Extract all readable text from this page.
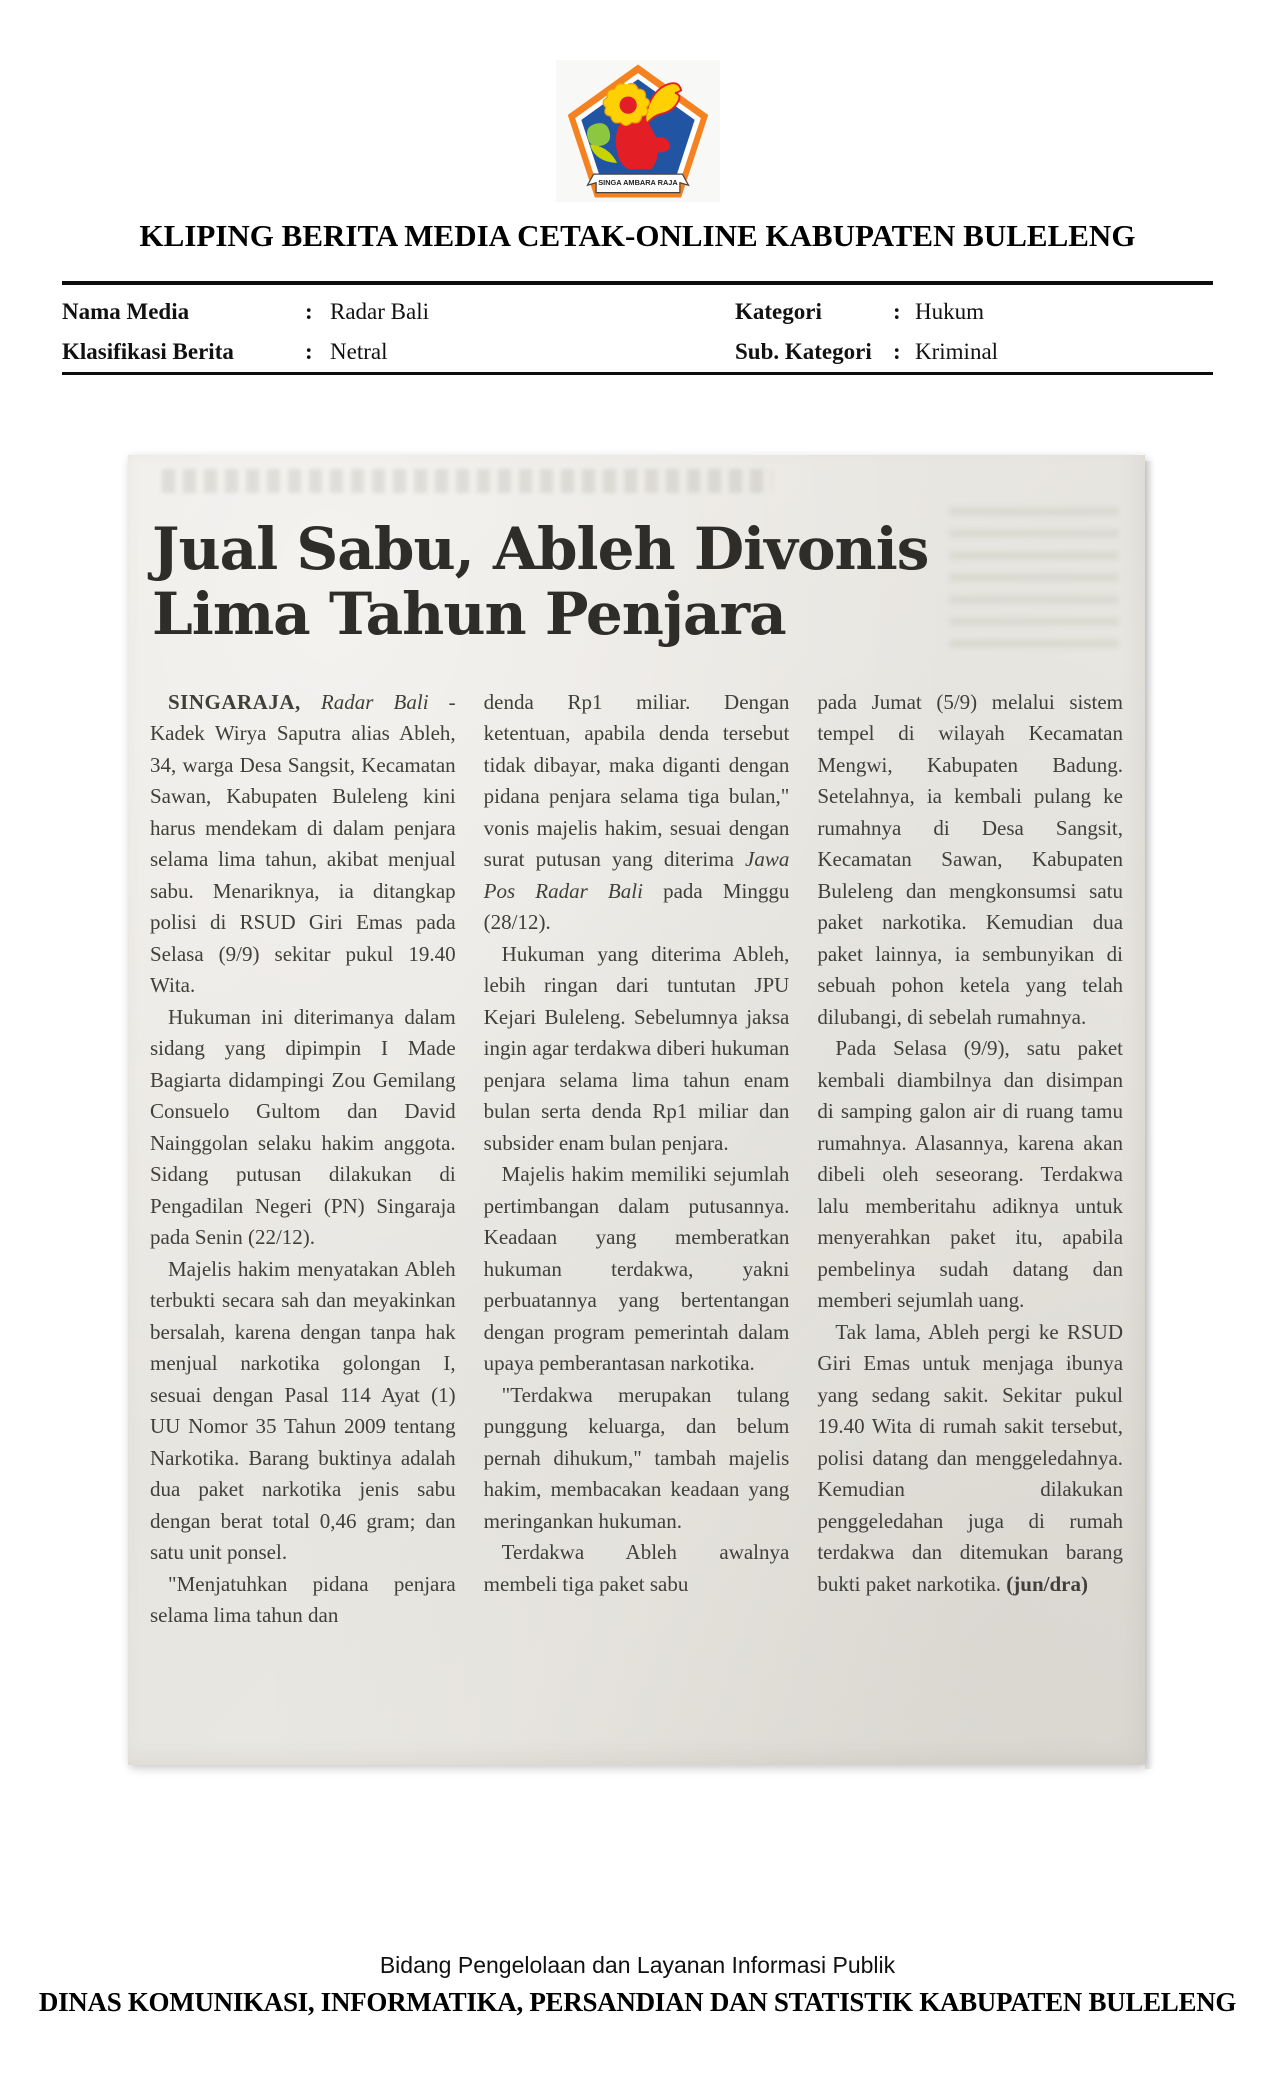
SINGA AMBARA RAJA
KLIPING BERITA MEDIA CETAK-ONLINE KABUPATEN BULELENG
Nama Media	: Radar Bali	Kategori	: Hukum
Klasifikasi Berita	: Netral	Sub. Kategori : Kriminal
Jual Sabu, Ableh Divonis
Lima Tahun Penjara

SINGARAJA, Radar Bali - Kadek Wirya Saputra alias Ableh, 34, warga Desa Sangsit, Kecamatan Sawan, Kabupaten Buleleng kini harus mendekam di dalam penjara selama lima tahun, akibat menjual sabu. Menariknya, ia ditangkap polisi di RSUD Giri Emas pada Selasa (9/9) sekitar pukul 19.40 Wita.

Hukuman ini diterimanya dalam sidang yang dipimpin I Made Bagiarta didampingi Zou Gemilang Consuelo Gultom dan David Nainggolan selaku hakim anggota. Sidang putusan dilakukan di Pengadilan Negeri (PN) Singaraja pada Senin (22/12).

Majelis hakim menyatakan Ableh terbukti secara sah dan meyakinkan bersalah, karena dengan tanpa hak menjual narkotika golongan I, sesuai dengan Pasal 114 Ayat (1) UU Nomor 35 Tahun 2009 tentang Narkotika. Barang buktinya adalah dua paket narkotika jenis sabu dengan berat total 0,46 gram; dan satu unit ponsel.

"Menjatuhkan pidana penjara selama lima tahun dan

denda Rp1 miliar. Dengan ketentuan, apabila denda tersebut tidak dibayar, maka diganti dengan pidana penjara selama tiga bulan," vonis majelis hakim, sesuai dengan surat putusan yang diterima Jawa Pos Radar Bali pada Minggu (28/12).

Hukuman yang diterima Ableh, lebih ringan dari tuntutan JPU Kejari Buleleng. Sebelumnya jaksa ingin agar terdakwa diberi hukuman penjara selama lima tahun enam bulan serta denda Rp1 miliar dan subsider enam bulan penjara.

Majelis hakim memiliki sejumlah pertimbangan dalam putusannya. Keadaan yang memberatkan hukuman terdakwa, yakni perbuatannya yang bertentangan dengan program pemerintah dalam upaya pemberantasan narkotika.

"Terdakwa merupakan tulang punggung keluarga, dan belum pernah dihukum," tambah majelis hakim, membacakan keadaan yang meringankan hukuman.

Terdakwa Ableh awalnya membeli tiga paket sabu

pada Jumat (5/9) melalui sistem tempel di wilayah Kecamatan Mengwi, Kabupaten Badung. Setelahnya, ia kembali pulang ke rumahnya di Desa Sangsit, Kecamatan Sawan, Kabupaten Buleleng dan mengkonsumsi satu paket narkotika. Kemudian dua paket lainnya, ia sembunyikan di sebuah pohon ketela yang telah dilubangi, di sebelah rumahnya.

Pada Selasa (9/9), satu paket kembali diambilnya dan disimpan di samping galon air di ruang tamu rumahnya. Alasannya, karena akan dibeli oleh seseorang. Terdakwa lalu memberitahu adiknya untuk menyerahkan paket itu, apabila pembelinya sudah datang dan memberi sejumlah uang.

Tak lama, Ableh pergi ke RSUD Giri Emas untuk menjaga ibunya yang sedang sakit. Sekitar pukul 19.40 Wita di rumah sakit tersebut, polisi datang dan menggeledahnya. Kemudian dilakukan penggeledahan juga di rumah terdakwa dan ditemukan barang bukti paket narkotika. (jun/dra)

Bidang Pengelolaan dan Layanan Informasi Publik
DINAS KOMUNIKASI, INFORMATIKA, PERSANDIAN DAN STATISTIK KABUPATEN BULELENG
